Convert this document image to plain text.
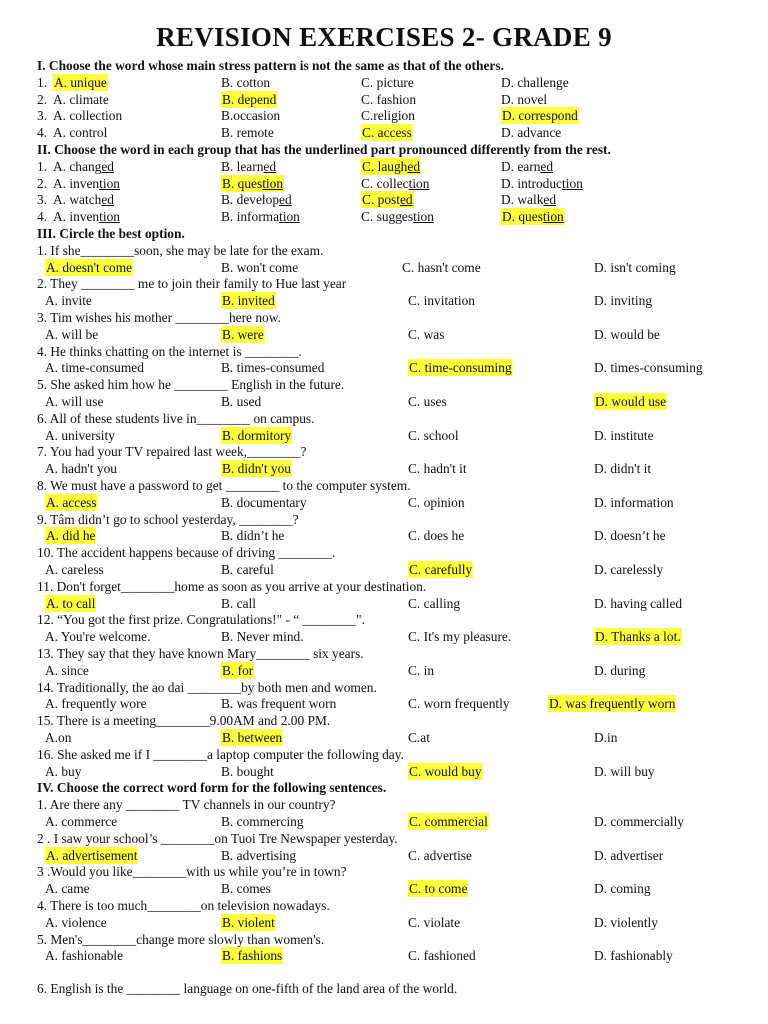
REVISION EXERCISES 2- GRADE 9
I. Choose the word whose main stress pattern is not the same as that of the others.
1. A. unique	B. cotton	C. picture	D. challenge
2. A. climate	B. depend	C. fashion	D. novel
3. A. collection	B.occasion	C.religion	D. correspond
4. A. control	B. remote	C. access	D. advance
II. Choose the word in each group that has the underlined part pronounced differently from the rest.
1. A. changed	B. learned	C. laughed	D. earned
2. A. invention	B. question	C. collection	D. introduction
3. A. watched	B. developed	C. posted	D. walked
4. A. invention	B. information	C. suggestion	D. question
III. Circle the best option.
1. If she________soon, she may be late for the exam.
A. doesn't come	B. won't come	C. hasn't come	D. isn't coming
2. They ________ me to join their family to Hue last year
A. invite	B. invited	C. invitation	D. inviting
3. Tim wishes his mother ________here now.
A. will be	B. were	C. was	D. would be
4. He thinks chatting on the internet is ________.
A. time-consumed	B. times-consumed	C. time-consuming	D. times-consuming
5. She asked him how he ________ English in the future.
A. will use	B. used	C. uses	D. would use
6. All of these students live in________ on campus.
A. university	B. dormitory	C. school	D. institute
7. You had your TV repaired last week,________?
A. hadn't you	B. didn't you	C. hadn't it	D. didn't it
8. We must have a password to get ________ to the computer system.
A. access	B. documentary	C. opinion	D. information
9. Tâm didn’t go to school yesterday, ________?
A. did he	B. didn’t he	C. does he	D. doesn’t he
10. The accident happens because of driving ________.
A. careless	B. careful	C. carefully	D. carelessly
11. Don't forget________home as soon as you arrive at your destination.
A. to call	B. call	C. calling	D. having called
12. “You got the first prize. Congratulations!" - “ ________".
A. You're welcome.	B. Never mind.	C. It's my pleasure.	D. Thanks a lot.
13. They say that they have known Mary________ six years.
A. since	B. for	C. in	D. during
14. Traditionally, the ao dai ________by both men and women.
A. frequently wore	B. was frequent worn	C. worn frequently	D. was frequently worn
15. There is a meeting________9.00AM and 2.00 PM.
A.on	B. between	C.at	D.in
16. She asked me if I ________a laptop computer the following day.
A. buy	B. bought	C. would buy	D. will buy
IV. Choose the correct word form for the following sentences.
1. Are there any ________ TV channels in our country?
A. commerce	B. commercing	C. commercial	D. commercially
2 . I saw your school’s ________on Tuoi Tre Newspaper yesterday.
A. advertisement	B. advertising	C. advertise	D. advertiser
3 .Would you like________with us while you’re in town?
A. came	B. comes	C. to come	D. coming
4. There is too much________on television nowadays.
A. violence	B. violent	C. violate	D. violently
5. Men's________change more slowly than women's.
A. fashionable	B. fashions	C. fashioned	D. fashionably
6. English is the ________ language on one-fifth of the land area of the world.
